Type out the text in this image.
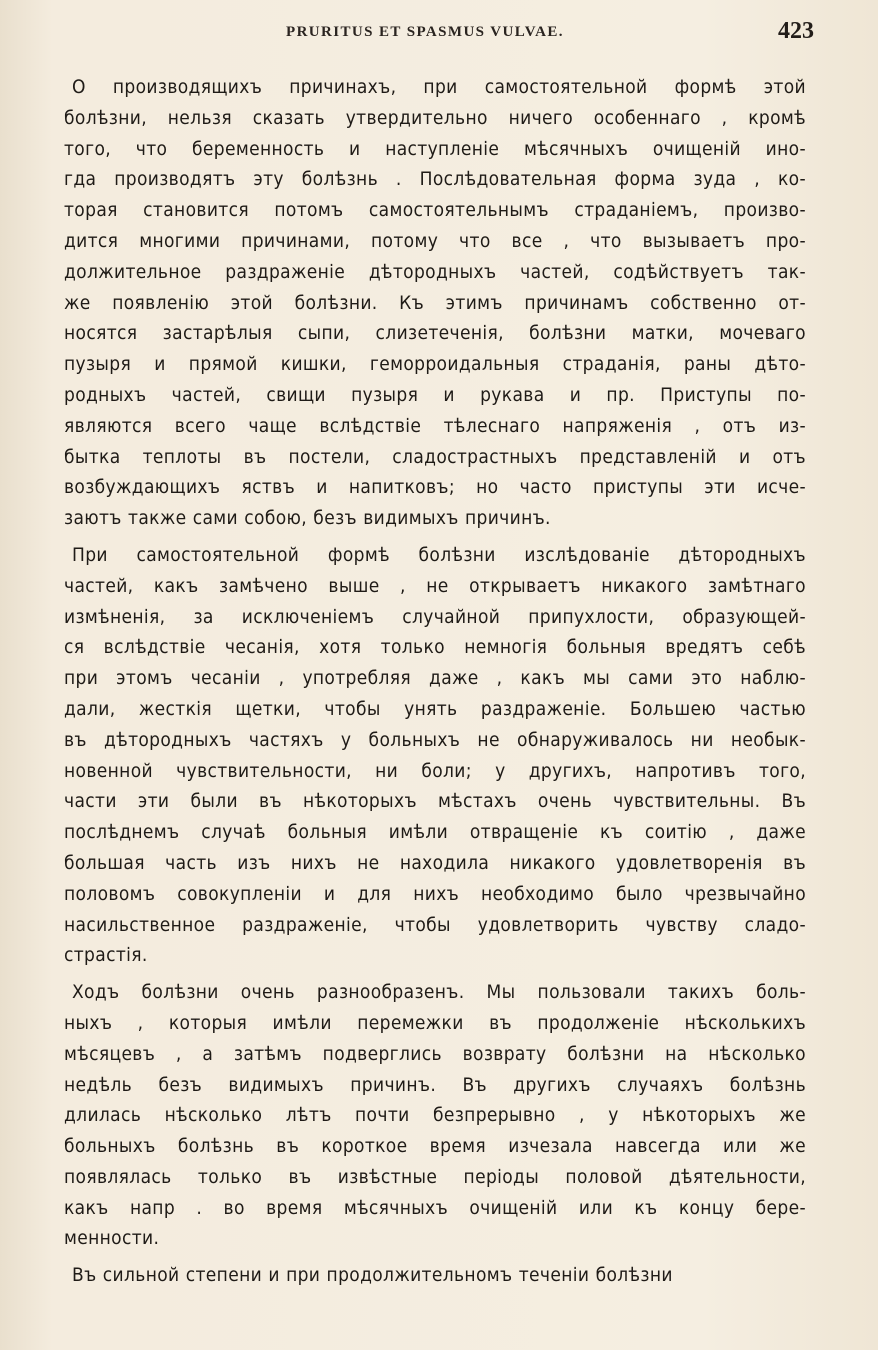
PRURITUS ET SPASMUS VULVAE.	423

О производящихъ причинахъ, при самостоятельной формѣ этой
болѣзни, нельзя сказать утвердительно ничего особеннаго , кромѣ
того, что беременность и наступленіе мѣсячныхъ очищеній ино-
гда производятъ эту болѣзнь . Послѣдовательная форма зуда , ко-
торая становится потомъ самостоятельнымъ страданіемъ, произво-
дится многими причинами, потому что все , что вызываетъ про-
должительное раздраженіе дѣтородныхъ частей, содѣйствуетъ так-
же появленію этой болѣзни. Къ этимъ причинамъ собственно от-
носятся застарѣлыя сыпи, слизетеченія, болѣзни матки, мочеваго
пузыря и прямой кишки, геморроидальныя страданія, раны дѣто-
родныхъ частей, свищи пузыря и рукава и пр. Приступы по-
являются всего чаще вслѣдствіе тѣлеснаго напряженія , отъ из-
бытка теплоты въ постели, сладострастныхъ представленій и отъ
возбуждающихъ яствъ и напитковъ; но часто приступы эти исче-
заютъ также сами собою, безъ видимыхъ причинъ.

При самостоятельной формѣ болѣзни изслѣдованіе дѣтородныхъ
частей, какъ замѣчено выше , не открываетъ никакого замѣтнаго
измѣненія, за исключеніемъ случайной припухлости, образующей-
ся вслѣдствіе чесанія, хотя только немногія больныя вредятъ себѣ
при этомъ чесаніи , употребляя даже , какъ мы сами это наблю-
дали, жесткія щетки, чтобы унять раздраженіе. Большею частью
въ дѣтородныхъ частяхъ у больныхъ не обнаруживалось ни необык-
новенной чувствительности, ни боли; у другихъ, напротивъ того,
части эти были въ нѣкоторыхъ мѣстахъ очень чувствительны. Въ
послѣднемъ случаѣ больныя имѣли отвращеніе къ соитію , даже
большая часть изъ нихъ не находила никакого удовлетворенія въ
половомъ совокупленіи и для нихъ необходимо было чрезвычайно
насильственное раздраженіе, чтобы удовлетворить чувству сладо-
страстія.

Ходъ болѣзни очень разнообразенъ. Мы пользовали такихъ боль-
ныхъ , которыя имѣли перемежки въ продолженіе нѣсколькихъ
мѣсяцевъ , а затѣмъ подверглись возврату болѣзни на нѣсколько
недѣль безъ видимыхъ причинъ. Въ другихъ случаяхъ болѣзнь
длилась нѣсколько лѣтъ почти безпрерывно , у нѣкоторыхъ же
больныхъ болѣзнь въ короткое время изчезала навсегда или же
появлялась только въ извѣстные періоды половой дѣятельности,
какъ напр . во время мѣсячныхъ очищеній или къ концу бере-
менности.

Въ сильной степени и при продолжительномъ теченіи болѣзни
